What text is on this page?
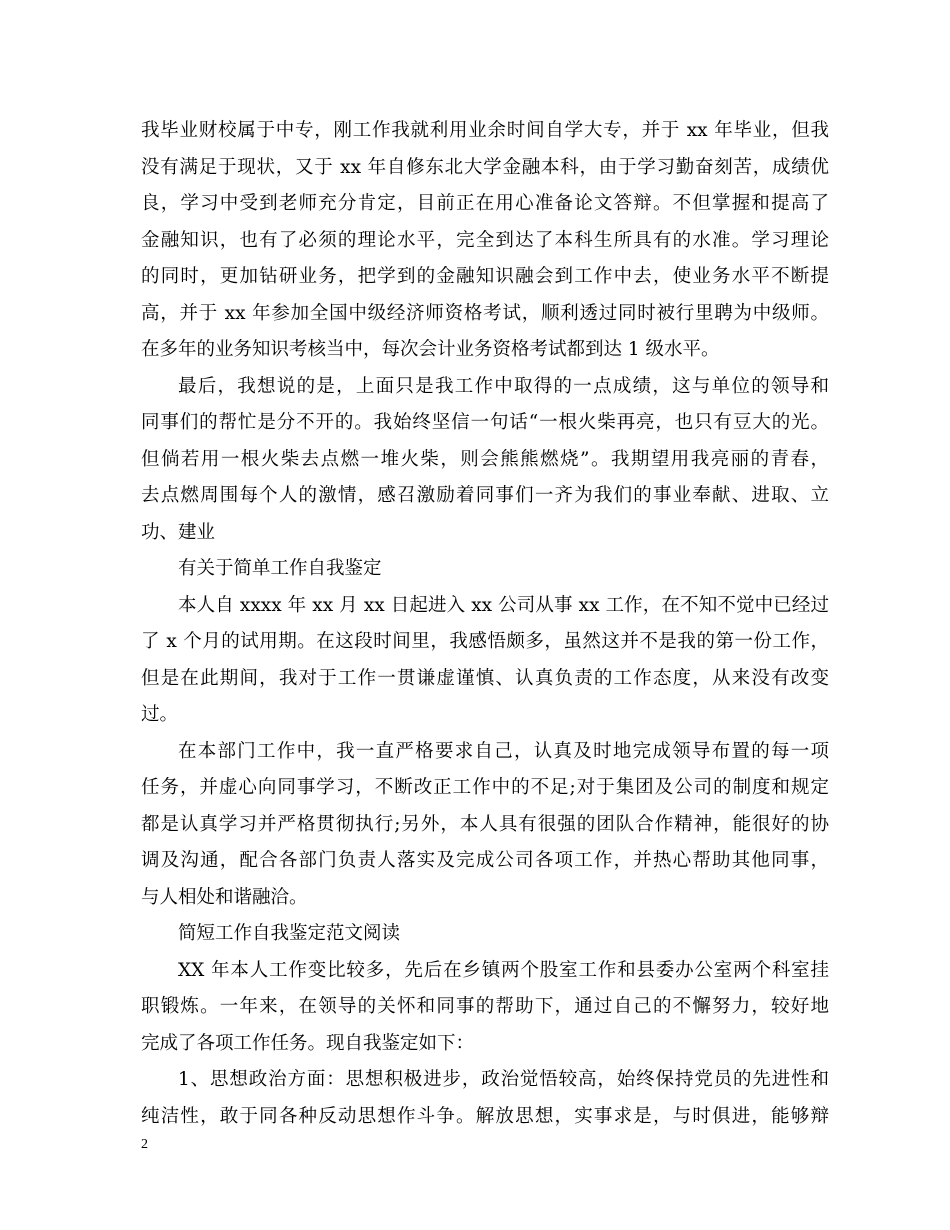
我毕业财校属于中专，刚工作我就利用业余时间自学大专，并于 xx 年毕业，但我
没有满足于现状，又于 xx 年自修东北大学金融本科，由于学习勤奋刻苦，成绩优
良，学习中受到老师充分肯定，目前正在用心准备论文答辩。不但掌握和提高了
金融知识，也有了必须的理论水平，完全到达了本科生所具有的水准。学习理论
的同时，更加钻研业务，把学到的金融知识融会到工作中去，使业务水平不断提
高，并于 xx 年参加全国中级经济师资格考试，顺利透过同时被行里聘为中级师。
在多年的业务知识考核当中，每次会计业务资格考试都到达 1 级水平。
最后，我想说的是，上面只是我工作中取得的一点成绩，这与单位的领导和
同事们的帮忙是分不开的。我始终坚信一句话“一根火柴再亮，也只有豆大的光。
但倘若用一根火柴去点燃一堆火柴，则会熊熊燃烧”。我期望用我亮丽的青春，
去点燃周围每个人的激情，感召激励着同事们一齐为我们的事业奉献、进取、立
功、建业
有关于简单工作自我鉴定
本人自 xxxx 年 xx 月 xx 日起进入 xx 公司从事 xx 工作，在不知不觉中已经过
了 x 个月的试用期。在这段时间里，我感悟颇多，虽然这并不是我的第一份工作，
但是在此期间，我对于工作一贯谦虚谨慎、认真负责的工作态度，从来没有改变
过。
在本部门工作中，我一直严格要求自己，认真及时地完成领导布置的每一项
任务，并虚心向同事学习，不断改正工作中的不足;对于集团及公司的制度和规定
都是认真学习并严格贯彻执行;另外，本人具有很强的团队合作精神，能很好的协
调及沟通，配合各部门负责人落实及完成公司各项工作，并热心帮助其他同事，
与人相处和谐融洽。
简短工作自我鉴定范文阅读
XX 年本人工作变比较多，先后在乡镇两个股室工作和县委办公室两个科室挂
职锻炼。一年来，在领导的关怀和同事的帮助下，通过自己的不懈努力，较好地
完成了各项工作任务。现自我鉴定如下：
1、思想政治方面：思想积极进步，政治觉悟较高，始终保持党员的先进性和
纯洁性，敢于同各种反动思想作斗争。解放思想，实事求是，与时俱进，能够辩
2
